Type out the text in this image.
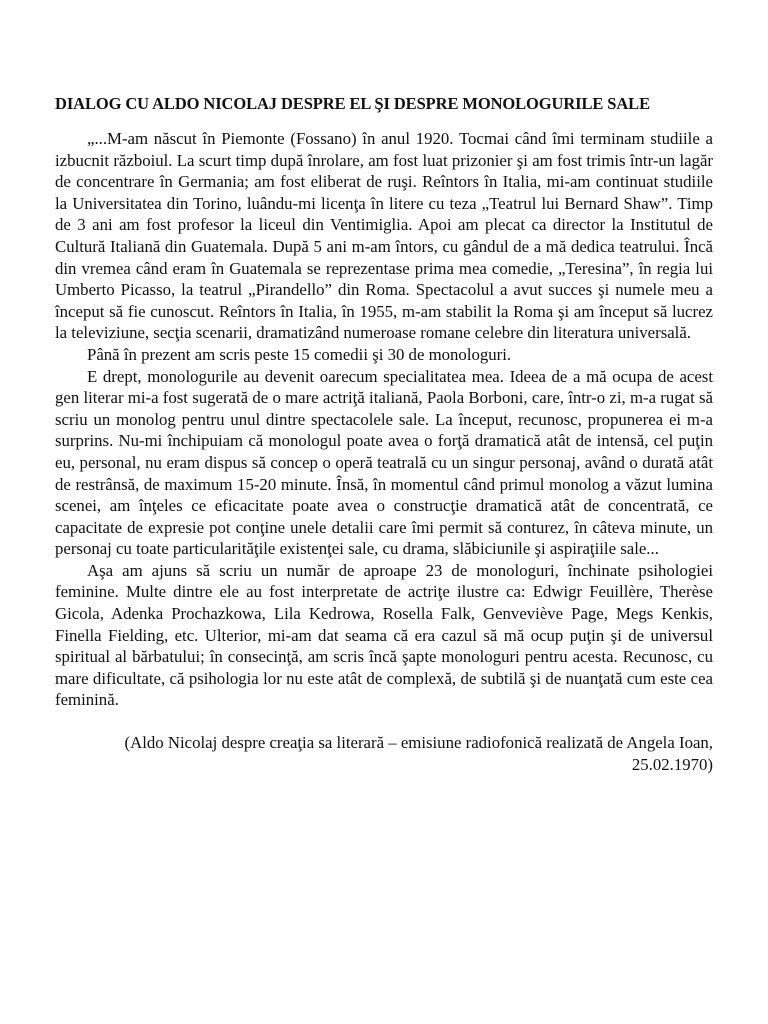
DIALOG CU ALDO NICOLAJ DESPRE EL ŞI DESPRE MONOLOGURILE SALE

„...M-am născut în Piemonte (Fossano) în anul 1920. Tocmai când îmi terminam studiile a izbucnit războiul. La scurt timp după înrolare, am fost luat prizonier şi am fost trimis într-un lagăr de concentrare în Germania; am fost eliberat de ruşi. Reîntors în Italia, mi-am continuat studiile la Universitatea din Torino, luându-mi licenţa în litere cu teza „Teatrul lui Bernard Shaw”. Timp de 3 ani am fost profesor la liceul din Ventimiglia. Apoi am plecat ca director la Institutul de Cultură Italiană din Guatemala. După 5 ani m-am întors, cu gândul de a mă dedica teatrului. Încă din vremea când eram în Guatemala se reprezentase prima mea comedie, „Teresina”, în regia lui Umberto Picasso, la teatrul „Pirandello” din Roma. Spectacolul a avut succes şi numele meu a început să fie cunoscut. Reîntors în Italia, în 1955, m-am stabilit la Roma şi am început să lucrez la televiziune, secţia scenarii, dramatizând numeroase romane celebre din literatura universală.

Până în prezent am scris peste 15 comedii şi 30 de monologuri.

E drept, monologurile au devenit oarecum specialitatea mea. Ideea de a mă ocupa de acest gen literar mi-a fost sugerată de o mare actriţă italiană, Paola Borboni, care, într-o zi, m-a rugat să scriu un monolog pentru unul dintre spectacolele sale. La început, recunosc, propunerea ei m-a surprins. Nu-mi închipuiam că monologul poate avea o forţă dramatică atât de intensă, cel puţin eu, personal, nu eram dispus să concep o operă teatrală cu un singur personaj, având o durată atât de restrânsă, de maximum 15-20 minute. Însă, în momentul când primul monolog a văzut lumina scenei, am înţeles ce eficacitate poate avea o construcţie dramatică atât de concentrată, ce capacitate de expresie pot conţine unele detalii care îmi permit să conturez, în câteva minute, un personaj cu toate particularităţile existenţei sale, cu drama, slăbiciunile şi aspiraţiile sale...

Aşa am ajuns să scriu un număr de aproape 23 de monologuri, închinate psihologiei feminine. Multe dintre ele au fost interpretate de actriţe ilustre ca: Edwigr Feuillère, Therèse Gicola, Adenka Prochazkowa, Lila Kedrowa, Rosella Falk, Genveviève Page, Megs Kenkis, Finella Fielding, etc. Ulterior, mi-am dat seama că era cazul să mă ocup puţin şi de universul spiritual al bărbatului; în consecinţă, am scris încă şapte monologuri pentru acesta. Recunosc, cu mare dificultate, că psihologia lor nu este atât de complexă, de subtilă şi de nuanţată cum este cea feminină.

(Aldo Nicolaj despre creaţia sa literară – emisiune radiofonică realizată de Angela Ioan, 25.02.1970)
